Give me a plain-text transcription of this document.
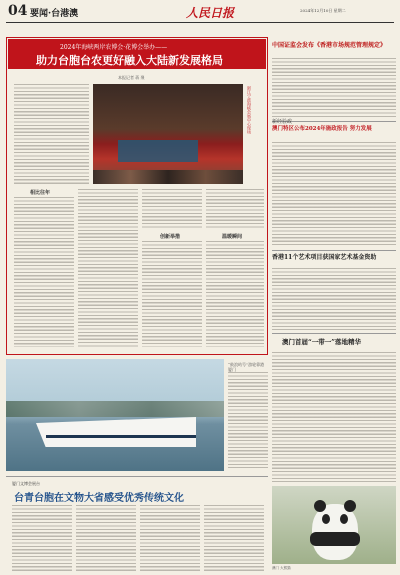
04 要闻·台港澳	人民日报	2024年12月10日 星期二
2024年海峡两岸农博会·花博会举办——
助力台胞台农更好融入大陆新发展格局
本报记者 蒋 聚
浙江宁波海峡会展中心现场
相比往年
创新举措	温暖瞬间
中国证监会发布《香港市场规范管理规定》
澳门特区公布2024年施政报告 努力发展
新经验政
香港11个艺术项目获国家艺术基金资助
澳门首届“一带一”落地精华
“鼓浪屿号”游轮靠港厦门
厦门文博会展台
台青台胞在文物大省感受优秀传统文化
澳门 大熊猫
